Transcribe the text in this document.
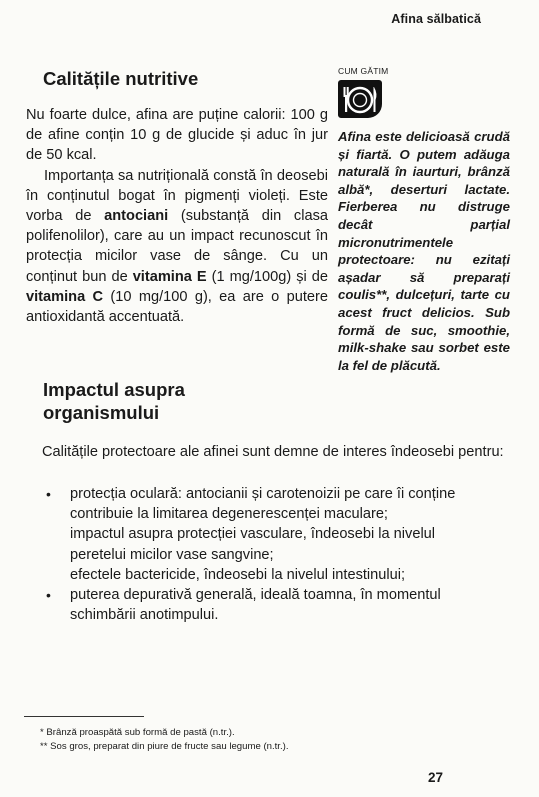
Afina sălbatică
Calitățile nutritive

Nu foarte dulce, afina are puține calorii: 100 g de afine conțin 10 g de glucide și aduc în jur de 50 kcal.

Importanța sa nutrițională constă în deosebi în conținutul bogat în pigmenți violeți. Este vorba de antociani (substanță din clasa polifenolilor), care au un impact recunoscut în protecția micilor vase de sânge. Cu un conținut bun de vitamina E (1 mg/100g) și de vitamina C (10 mg/100 g), ea are o putere antioxidantă accentuată.

CUM GĂTIM

Afina este delicioasă crudă și fiartă. O putem adăuga naturală în iaurturi, brânză albă*, deserturi lactate. Fierberea nu distruge decât parțial micronutrimentele protectoare: nu ezitați așadar să preparați coulis**, dulcețuri, tarte cu acest fruct delicios. Sub formă de suc, smoothie, milk-shake sau sorbet este la fel de plăcută.

Impactul asupra organismului

Calitățile protectoare ale afinei sunt demne de interes îndeosebi pentru:

• protecția oculară: antocianii și carotenoizii pe care îi conține contribuie la limitarea degenerescenței maculare;
impactul asupra protecției vasculare, îndeosebi la nivelul peretelui micilor vase sangvine;
efectele bactericide, îndeosebi la nivelul intestinului;
• puterea depurativă generală, ideală toamna, în momentul schimbării anotimpului.
* Brânză proaspătă sub formă de pastă (n.tr.).
** Sos gros, preparat din piure de fructe sau legume (n.tr.).
27
